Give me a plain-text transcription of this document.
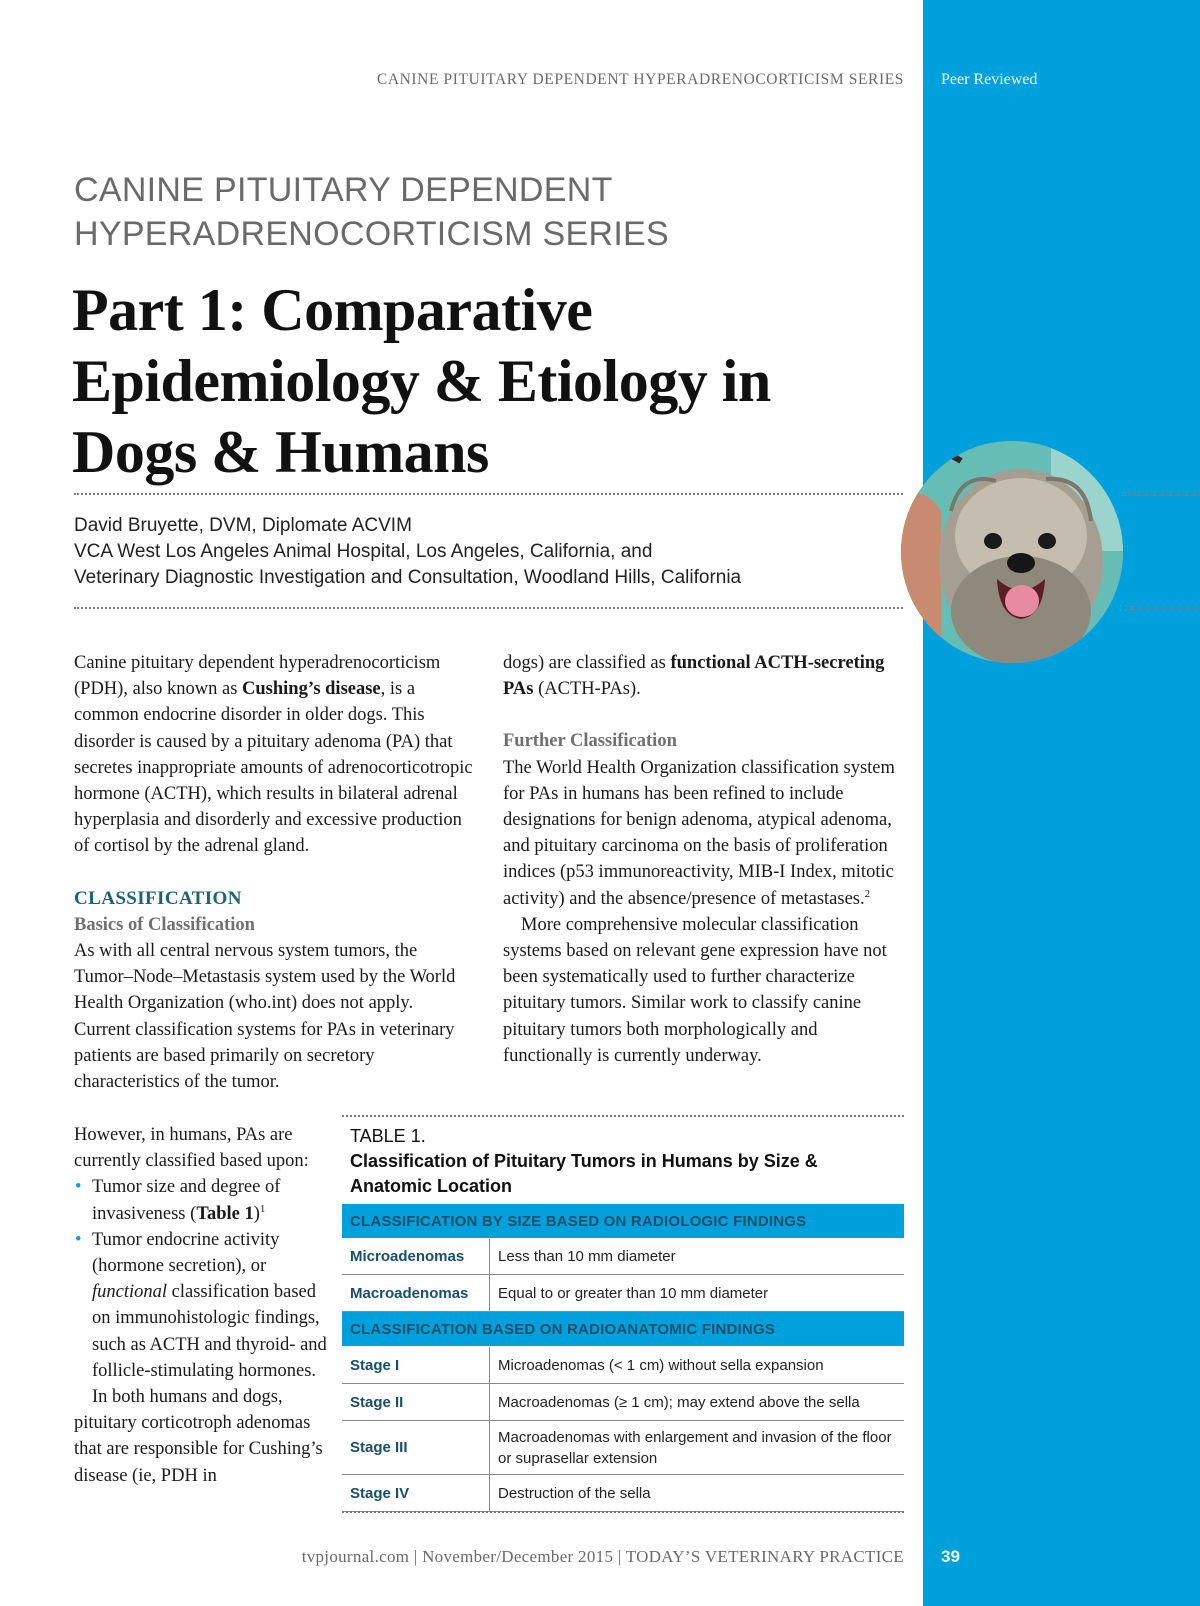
CANINE PITUITARY DEPENDENT HYPERADRENOCORTICISM SERIES Peer Reviewed
CANINE PITUITARY DEPENDENT
HYPERADRENOCORTICISM SERIES
Part 1: Comparative
Epidemiology & Etiology in
Dogs & Humans
David Bruyette, DVM, Diplomate ACVIM
VCA West Los Angeles Animal Hospital, Los Angeles, California, and
Veterinary Diagnostic Investigation and Consultation, Woodland Hills, California

Canine pituitary dependent hyperadrenocorticism (PDH), also known as Cushing’s disease, is a common endocrine disorder in older dogs. This disorder is caused by a pituitary adenoma (PA) that secretes inappropriate amounts of adrenocorticotropic hormone (ACTH), which results in bilateral adrenal hyperplasia and disorderly and excessive production of cortisol by the adrenal gland.

CLASSIFICATION
Basics of Classification

As with all central nervous system tumors, the Tumor–Node–Metastasis system used by the World Health Organization (who.int) does not apply. Current classification systems for PAs in veterinary patients are based primarily on secretory characteristics of the tumor.

However, in humans, PAs are currently classified based upon:

• Tumor size and degree of invasiveness (Table 1)$^1$
• Tumor endocrine activity (hormone secretion), or functional classification based on immunohistologic findings, such as ACTH and thyroid- and follicle-stimulating hormones.

In both humans and dogs, pituitary corticotroph adenomas that are responsible for Cushing’s disease (ie, PDH in

dogs) are classified as functional ACTH-secreting PAs (ACTH-PAs).

Further Classification

The World Health Organization classification system for PAs in humans has been refined to include designations for benign adenoma, atypical adenoma, and pituitary carcinoma on the basis of proliferation indices (p53 immunoreactivity, MIB-I Index, mitotic activity) and the absence/presence of metastases.$^2$

More comprehensive molecular classification systems based on relevant gene expression have not been systematically used to further characterize pituitary tumors. Similar work to classify canine pituitary tumors both morphologically and functionally is currently underway.

TABLE 1.
Classification of Pituitary Tumors in Humans by Size & Anatomic Location
CLASSIFICATION BY SIZE BASED ON RADIOLOGIC FINDINGS	
Microadenomas	Less than 10 mm diameter
Macroadenomas	Equal to or greater than 10 mm diameter
CLASSIFICATION BASED ON RADIOANATOMIC FINDINGS	
Stage I	Microadenomas (< 1 cm) without sella expansion
Stage II	Macroadenomas (≥ 1 cm); may extend above the sella
Stage III	Macroadenomas with enlargement and invasion of the floor or suprasellar extension
Stage IV	Destruction of the sella
tvpjournal.com | November/December 2015 | TODAY’S VETERINARY PRACTICE 39
